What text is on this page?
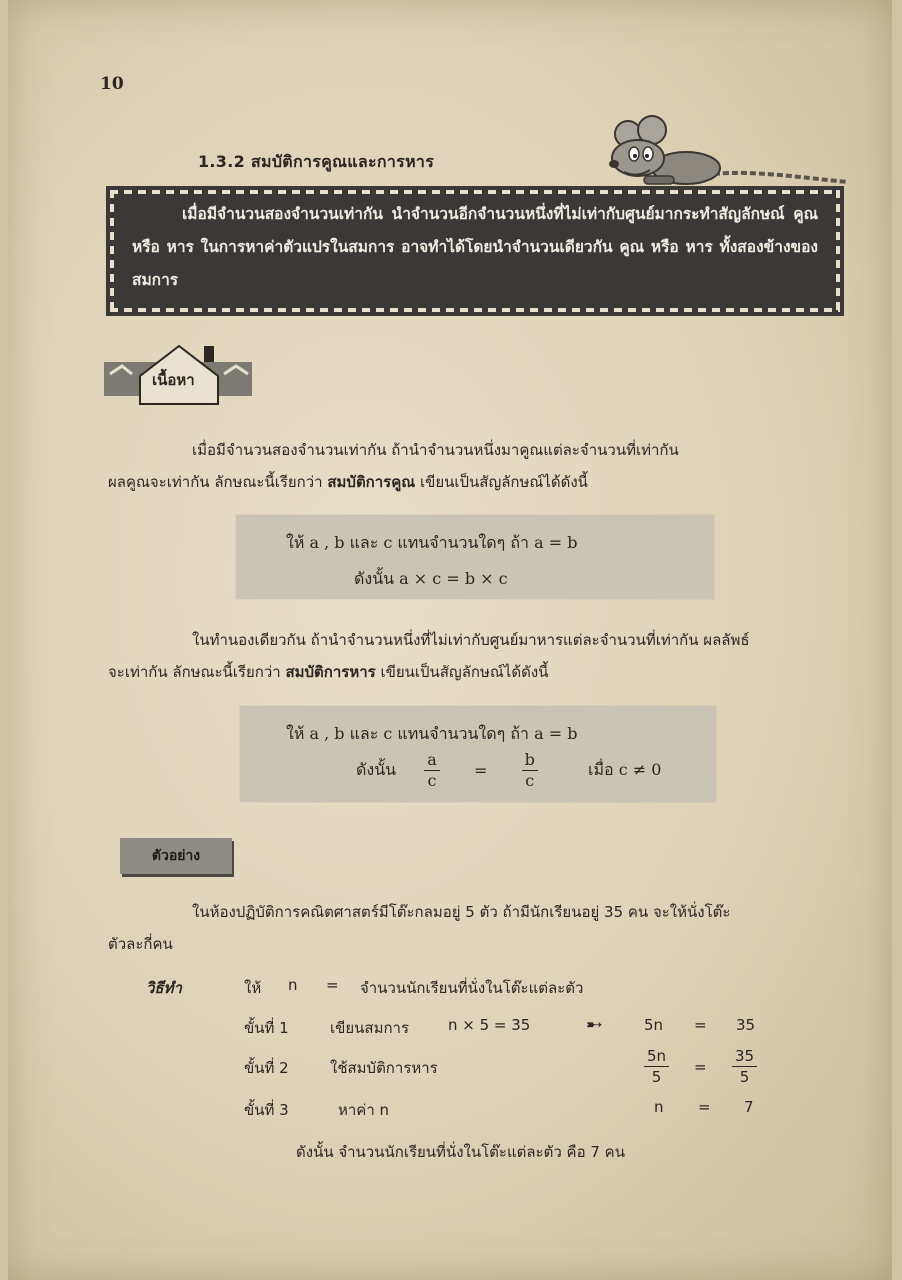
10
1.3.2 สมบัติการคูณและการหาร

เมื่อมีจำนวนสองจำนวนเท่ากัน นำจำนวนอีกจำนวนหนึ่งที่ไม่เท่ากับศูนย์มากระทำสัญลักษณ์ คูณ หรือ หาร ในการหาค่าตัวแปรในสมการ อาจทำได้โดยนำจำนวนเดียวกัน คูณ หรือ หาร ทั้งสองข้างของสมการ

เนื้อหา
เมื่อมีจำนวนสองจำนวนเท่ากัน ถ้านำจำนวนหนึ่งมาคูณแต่ละจำนวนที่เท่ากัน
ผลคูณจะเท่ากัน ลักษณะนี้เรียกว่า สมบัติการคูณ เขียนเป็นสัญลักษณ์ได้ดังนี้
ให้ a , b และ c แทนจำนวนใดๆ ถ้า a = b
ดังนั้น a × c = b × c
ในทำนองเดียวกัน ถ้านำจำนวนหนึ่งที่ไม่เท่ากับศูนย์มาหารแต่ละจำนวนที่เท่ากัน ผลลัพธ์
จะเท่ากัน ลักษณะนี้เรียกว่า สมบัติการหาร เขียนเป็นสัญลักษณ์ได้ดังนี้
ให้ a , b และ c แทนจำนวนใดๆ ถ้า a = b
ดังนั้น $\frac{a}{c} = \frac{b}{c}$	เมื่อ c ≠ 0
ตัวอย่าง
ในห้องปฏิบัติการคณิตศาสตร์มีโต๊ะกลมอยู่ 5 ตัว ถ้ามีนักเรียนอยู่ 35 คน จะให้นั่งโต๊ะ
ตัวละกี่คน
วิธีทำ	ให้ n = จำนวนนักเรียนที่นั่งในโต๊ะแต่ละตัว
ขั้นที่ 1	เขียนสมการ	n × 5 = 35	➸	5n = 35
ขั้นที่ 2	ใช้สมบัติการหาร	$\frac{5n}{5} = \frac{35}{5}$
ขั้นที่ 3	หาค่า n	n = 7
ดังนั้น จำนวนนักเรียนที่นั่งในโต๊ะแต่ละตัว คือ 7 คน
